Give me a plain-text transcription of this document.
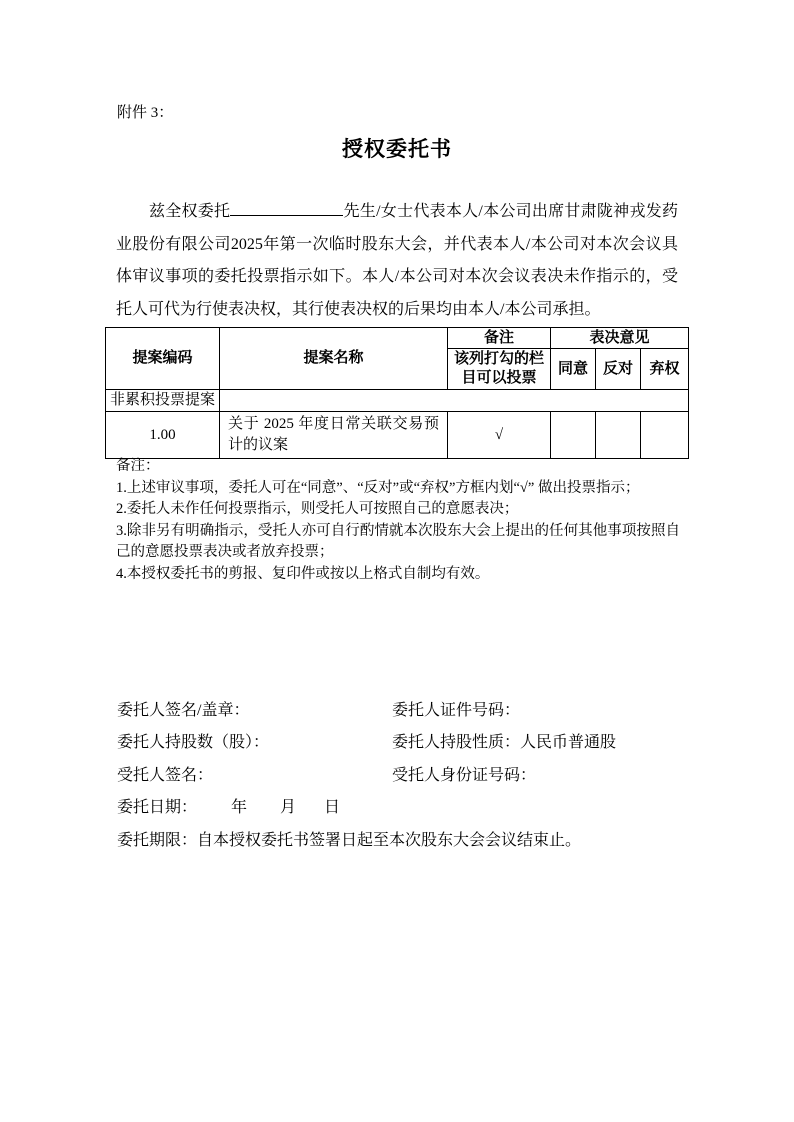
附件 3：
授权委托书

兹全权委托	先生/女士代表本人/本公司出席甘肃陇神戎发药业股份有限公司2025年第一次临时股东大会，并代表本人/本公司对本次会议具体审议事项的委托投票指示如下。本人/本公司对本次会议表决未作指示的，受托人可代为行使表决权，其行使表决权的后果均由本人/本公司承担。

提案编码	提案名称	备注	表决意见		
		该列打勾的栏目可以投票	同意	反对	弃权
非累积投票提案					
1.00	关于 2025 年度日常关联交易预计的议案	√			
备注：
1.上述审议事项，委托人可在“同意”、“反对”或“弃权”方框内划“√” 做出投票指示；
2.委托人未作任何投票指示，则受托人可按照自己的意愿表决；
3.除非另有明确指示，受托人亦可自行酌情就本次股东大会上提出的任何其他事项按照自己的意愿投票表决或者放弃投票；
4.本授权委托书的剪报、复印件或按以上格式自制均有效。
委托人签名/盖章：	委托人证件号码：
委托人持股数（股）：	委托人持股性质：人民币普通股
受托人签名：	受托人身份证号码：
委托日期： 年 月 日
委托期限：自本授权委托书签署日起至本次股东大会会议结束止。
